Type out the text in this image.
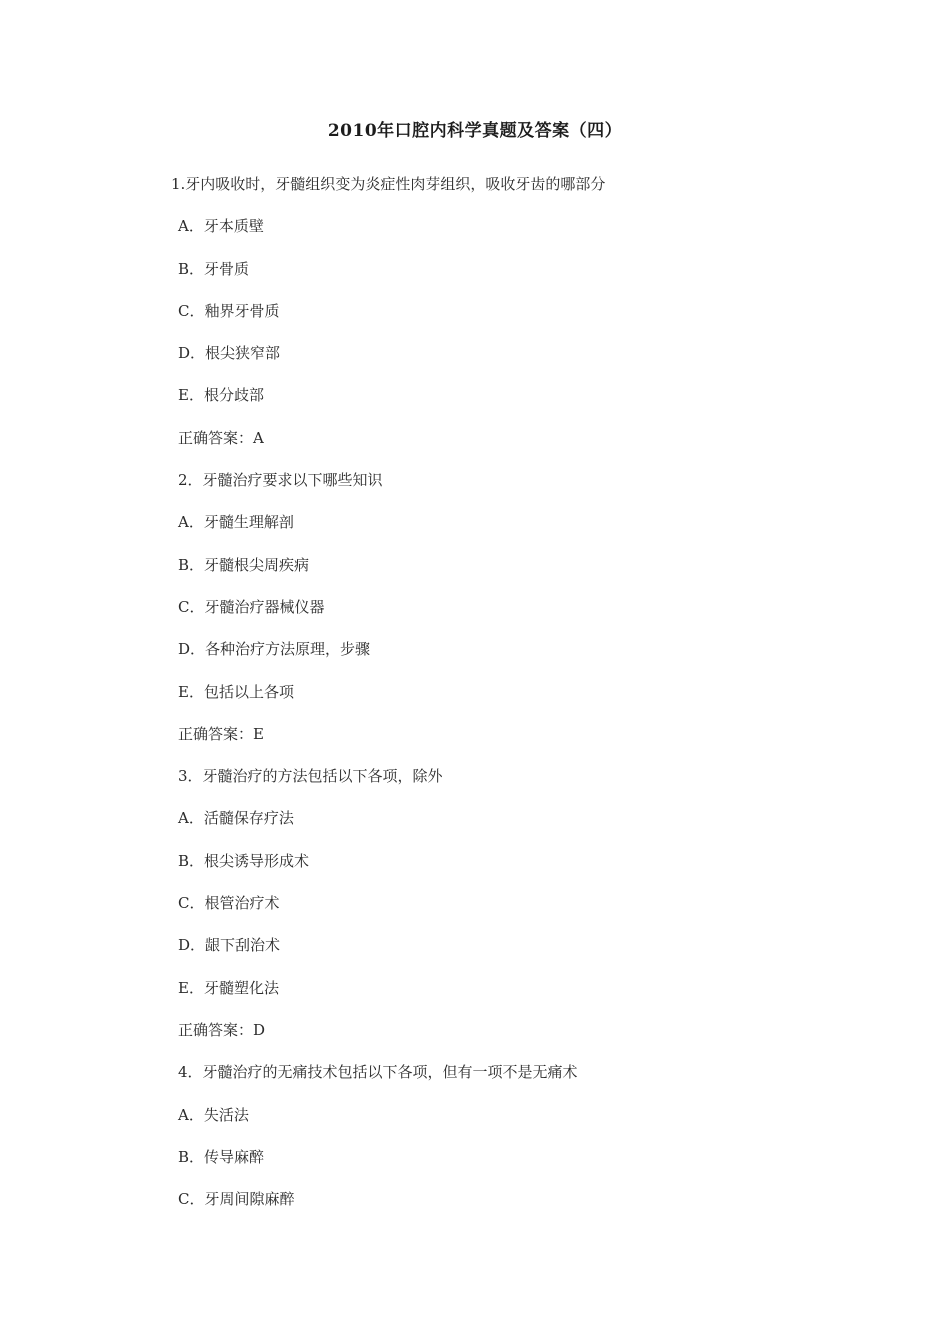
2010年口腔内科学真题及答案（四）
1.牙内吸收时，牙髓组织变为炎症性肉芽组织，吸收牙齿的哪部分
A．牙本质壁
B．牙骨质
C．釉界牙骨质
D．根尖狭窄部
E．根分歧部
正确答案：A
2．牙髓治疗要求以下哪些知识
A．牙髓生理解剖
B．牙髓根尖周疾病
C．牙髓治疗器械仪器
D．各种治疗方法原理，步骤
E．包括以上各项
正确答案：E
3．牙髓治疗的方法包括以下各项，除外
A．活髓保存疗法
B．根尖诱导形成术
C．根管治疗术
D．龈下刮治术
E．牙髓塑化法
正确答案：D
4．牙髓治疗的无痛技术包括以下各项，但有一项不是无痛术
A．失活法
B．传导麻醉
C．牙周间隙麻醉
